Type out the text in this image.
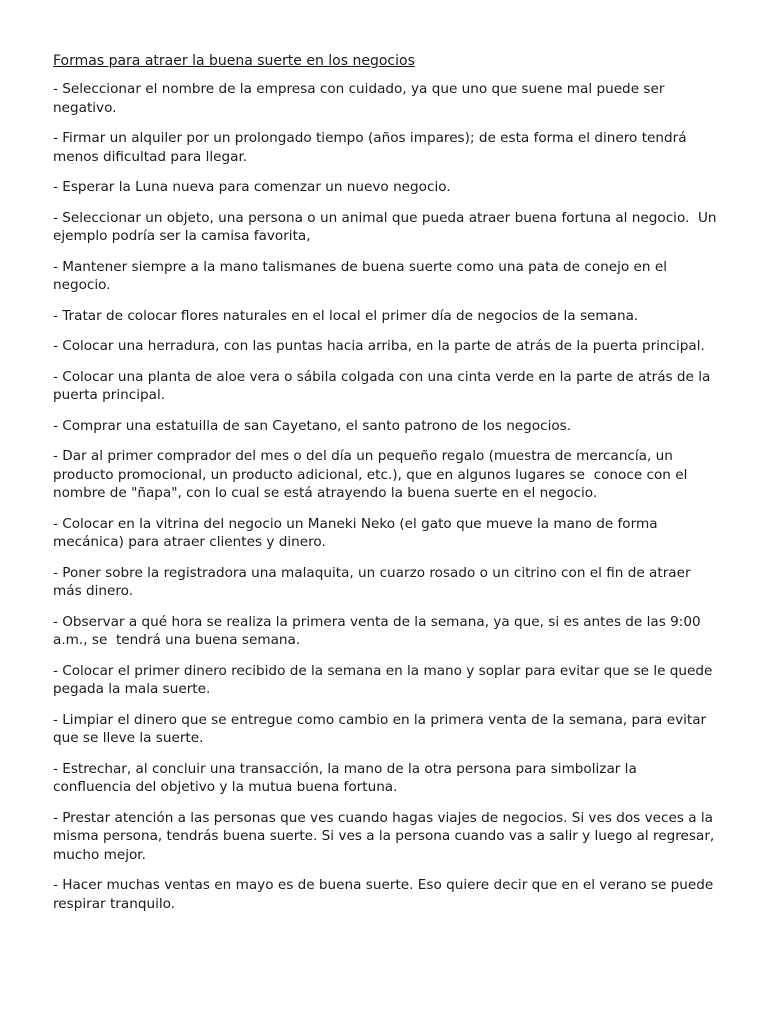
Formas para atraer la buena suerte en los negocios

- Seleccionar el nombre de la empresa con cuidado, ya que uno que suene mal puede ser negativo.

- Firmar un alquiler por un prolongado tiempo (años impares); de esta forma el dinero tendrá menos dificultad para llegar.

- Esperar la Luna nueva para comenzar un nuevo negocio.

- Seleccionar un objeto, una persona o un animal que pueda atraer buena fortuna al negocio.  Un ejemplo podría ser la camisa favorita,

- Mantener siempre a la mano talismanes de buena suerte como una pata de conejo en el negocio.

- Tratar de colocar flores naturales en el local el primer día de negocios de la semana.

- Colocar una herradura, con las puntas hacia arriba, en la parte de atrás de la puerta principal.

- Colocar una planta de aloe vera o sábila colgada con una cinta verde en la parte de atrás de la puerta principal.

- Comprar una estatuilla de san Cayetano, el santo patrono de los negocios.

- Dar al primer comprador del mes o del día un pequeño regalo (muestra de mercancía, un producto promocional, un producto adicional, etc.), que en algunos lugares se  conoce con el nombre de "ñapa", con lo cual se está atrayendo la buena suerte en el negocio.

- Colocar en la vitrina del negocio un Maneki Neko (el gato que mueve la mano de forma mecánica) para atraer clientes y dinero.

- Poner sobre la registradora una malaquita, un cuarzo rosado o un citrino con el fin de atraer más dinero.

- Observar a qué hora se realiza la primera venta de la semana, ya que, si es antes de las 9:00 a.m., se  tendrá una buena semana.

- Colocar el primer dinero recibido de la semana en la mano y soplar para evitar que se le quede pegada la mala suerte.

- Limpiar el dinero que se entregue como cambio en la primera venta de la semana, para evitar que se lleve la suerte.

- Estrechar, al concluir una transacción, la mano de la otra persona para simbolizar la confluencia del objetivo y la mutua buena fortuna.

- Prestar atención a las personas que ves cuando hagas viajes de negocios. Si ves dos veces a la misma persona, tendrás buena suerte. Si ves a la persona cuando vas a salir y luego al regresar, mucho mejor.

- Hacer muchas ventas en mayo es de buena suerte. Eso quiere decir que en el verano se puede respirar tranquilo.
